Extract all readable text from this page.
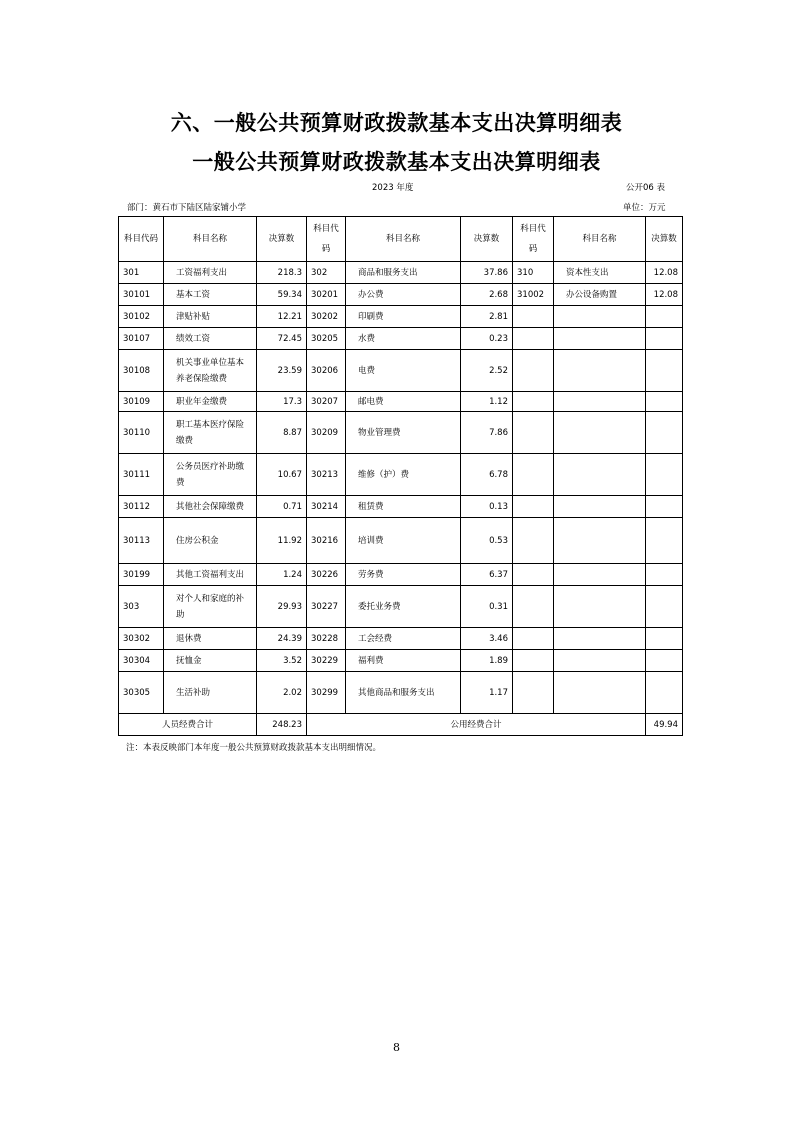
六、一般公共预算财政拨款基本支出决算明细表
一般公共预算财政拨款基本支出决算明细表
2023 年度	公开06 表
部门：黄石市下陆区陆家铺小学	单位：万元
科目代码	科目名称	决算数	科目代码	科目名称	决算数	科目代码	科目名称	决算数
301	工资福利支出	218.3	302	商品和服务支出	37.86	310	资本性支出	12.08
30101	基本工资	59.34	30201	办公费	2.68	31002	办公设备购置	12.08
30102	津贴补贴	12.21	30202	印刷费	2.81			
30107	绩效工资	72.45	30205	水费	0.23			
30108	机关事业单位基本养老保险缴费	23.59	30206	电费	2.52			
30109	职业年金缴费	17.3	30207	邮电费	1.12			
30110	职工基本医疗保险缴费	8.87	30209	物业管理费	7.86			
30111	公务员医疗补助缴费	10.67	30213	维修（护）费	6.78			
30112	其他社会保障缴费	0.71	30214	租赁费	0.13			
30113	住房公积金	11.92	30216	培训费	0.53			
30199	其他工资福利支出	1.24	30226	劳务费	6.37			
303	对个人和家庭的补助	29.93	30227	委托业务费	0.31			
30302	退休费	24.39	30228	工会经费	3.46			
30304	抚恤金	3.52	30229	福利费	1.89			
30305	生活补助	2.02	30299	其他商品和服务支出	1.17			
人员经费合计		248.23	公用经费合计					49.94
注：本表反映部门本年度一般公共预算财政拨款基本支出明细情况。
8
